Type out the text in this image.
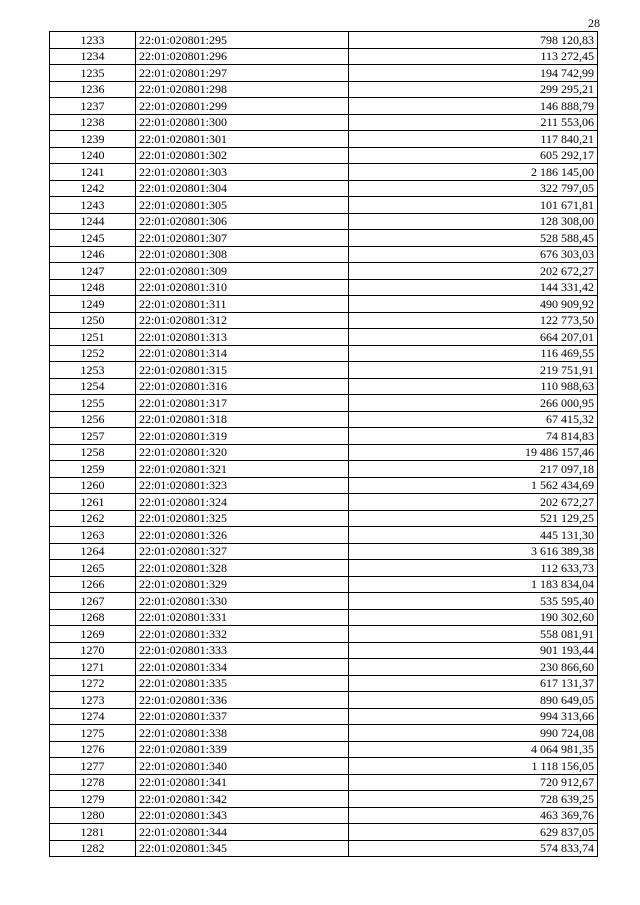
28
1233	22:01:020801:295	798 120,83
1234	22:01:020801:296	113 272,45
1235	22:01:020801:297	194 742,99
1236	22:01:020801:298	299 295,21
1237	22:01:020801:299	146 888,79
1238	22:01:020801:300	211 553,06
1239	22:01:020801:301	117 840,21
1240	22:01:020801:302	605 292,17
1241	22:01:020801:303	2 186 145,00
1242	22:01:020801:304	322 797,05
1243	22:01:020801:305	101 671,81
1244	22:01:020801:306	128 308,00
1245	22:01:020801:307	528 588,45
1246	22:01:020801:308	676 303,03
1247	22:01:020801:309	202 672,27
1248	22:01:020801:310	144 331,42
1249	22:01:020801:311	490 909,92
1250	22:01:020801:312	122 773,50
1251	22:01:020801:313	664 207,01
1252	22:01:020801:314	116 469,55
1253	22:01:020801:315	219 751,91
1254	22:01:020801:316	110 988,63
1255	22:01:020801:317	266 000,95
1256	22:01:020801:318	67 415,32
1257	22:01:020801:319	74 814,83
1258	22:01:020801:320	19 486 157,46
1259	22:01:020801:321	217 097,18
1260	22:01:020801:323	1 562 434,69
1261	22:01:020801:324	202 672,27
1262	22:01:020801:325	521 129,25
1263	22:01:020801:326	445 131,30
1264	22:01:020801:327	3 616 389,38
1265	22:01:020801:328	112 633,73
1266	22:01:020801:329	1 183 834,04
1267	22:01:020801:330	535 595,40
1268	22:01:020801:331	190 302,60
1269	22:01:020801:332	558 081,91
1270	22:01:020801:333	901 193,44
1271	22:01:020801:334	230 866,60
1272	22:01:020801:335	617 131,37
1273	22:01:020801:336	890 649,05
1274	22:01:020801:337	994 313,66
1275	22:01:020801:338	990 724,08
1276	22:01:020801:339	4 064 981,35
1277	22:01:020801:340	1 118 156,05
1278	22:01:020801:341	720 912,67
1279	22:01:020801:342	728 639,25
1280	22:01:020801:343	463 369,76
1281	22:01:020801:344	629 837,05
1282	22:01:020801:345	574 833,74
